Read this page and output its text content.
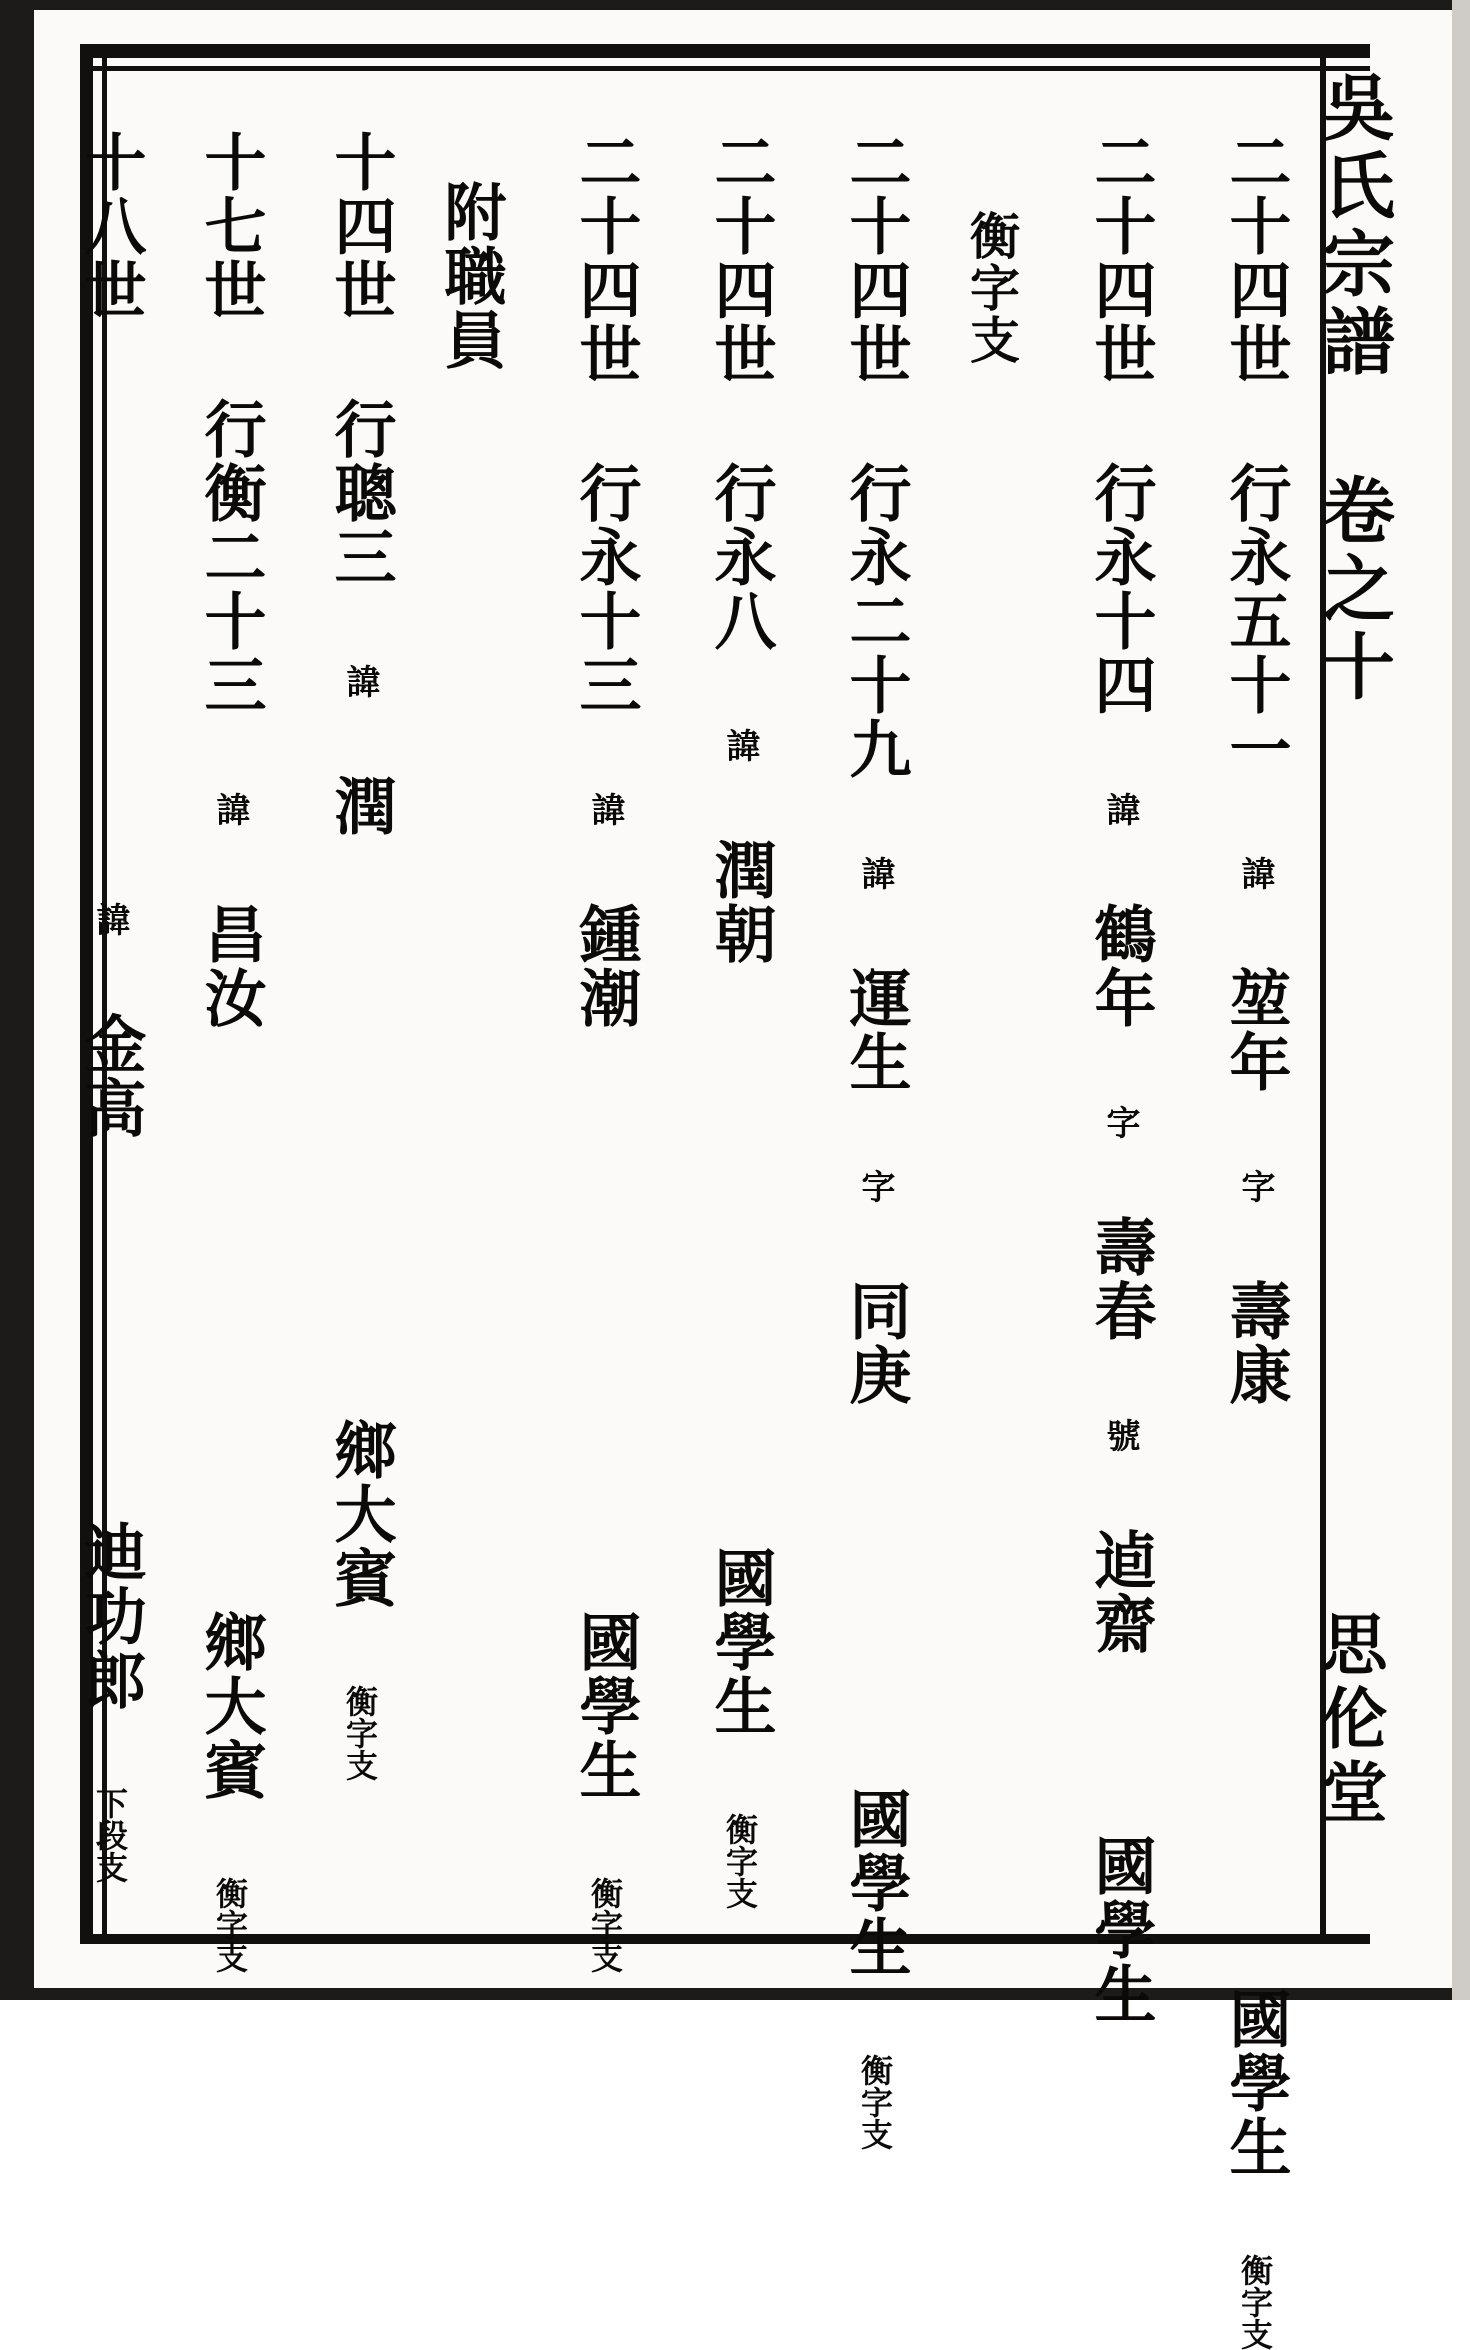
吳氏宗譜 卷之十
思伦堂
二十四世 行永五十一 諱 堃年 字 壽康  國學生 衡字支
二十四世 行永十四 諱 鶴年 字 壽春 號 逌齋  國學生
衡字支
二十四世 行永二十九 諱 運生 字 同庚  國學生 衡字支
二十四世 行永八 諱 潤朝  國學生 衡字支
二十四世 行永十三 諱 鍾潮  國學生 衡字支
附職員
十四世 行聰三 諱 潤  鄉大賓 衡字支
十七世 行衡二十三 諱 昌汝  鄉大賓 衡字支
十八世  諱 金高  迪功郎 下段支
